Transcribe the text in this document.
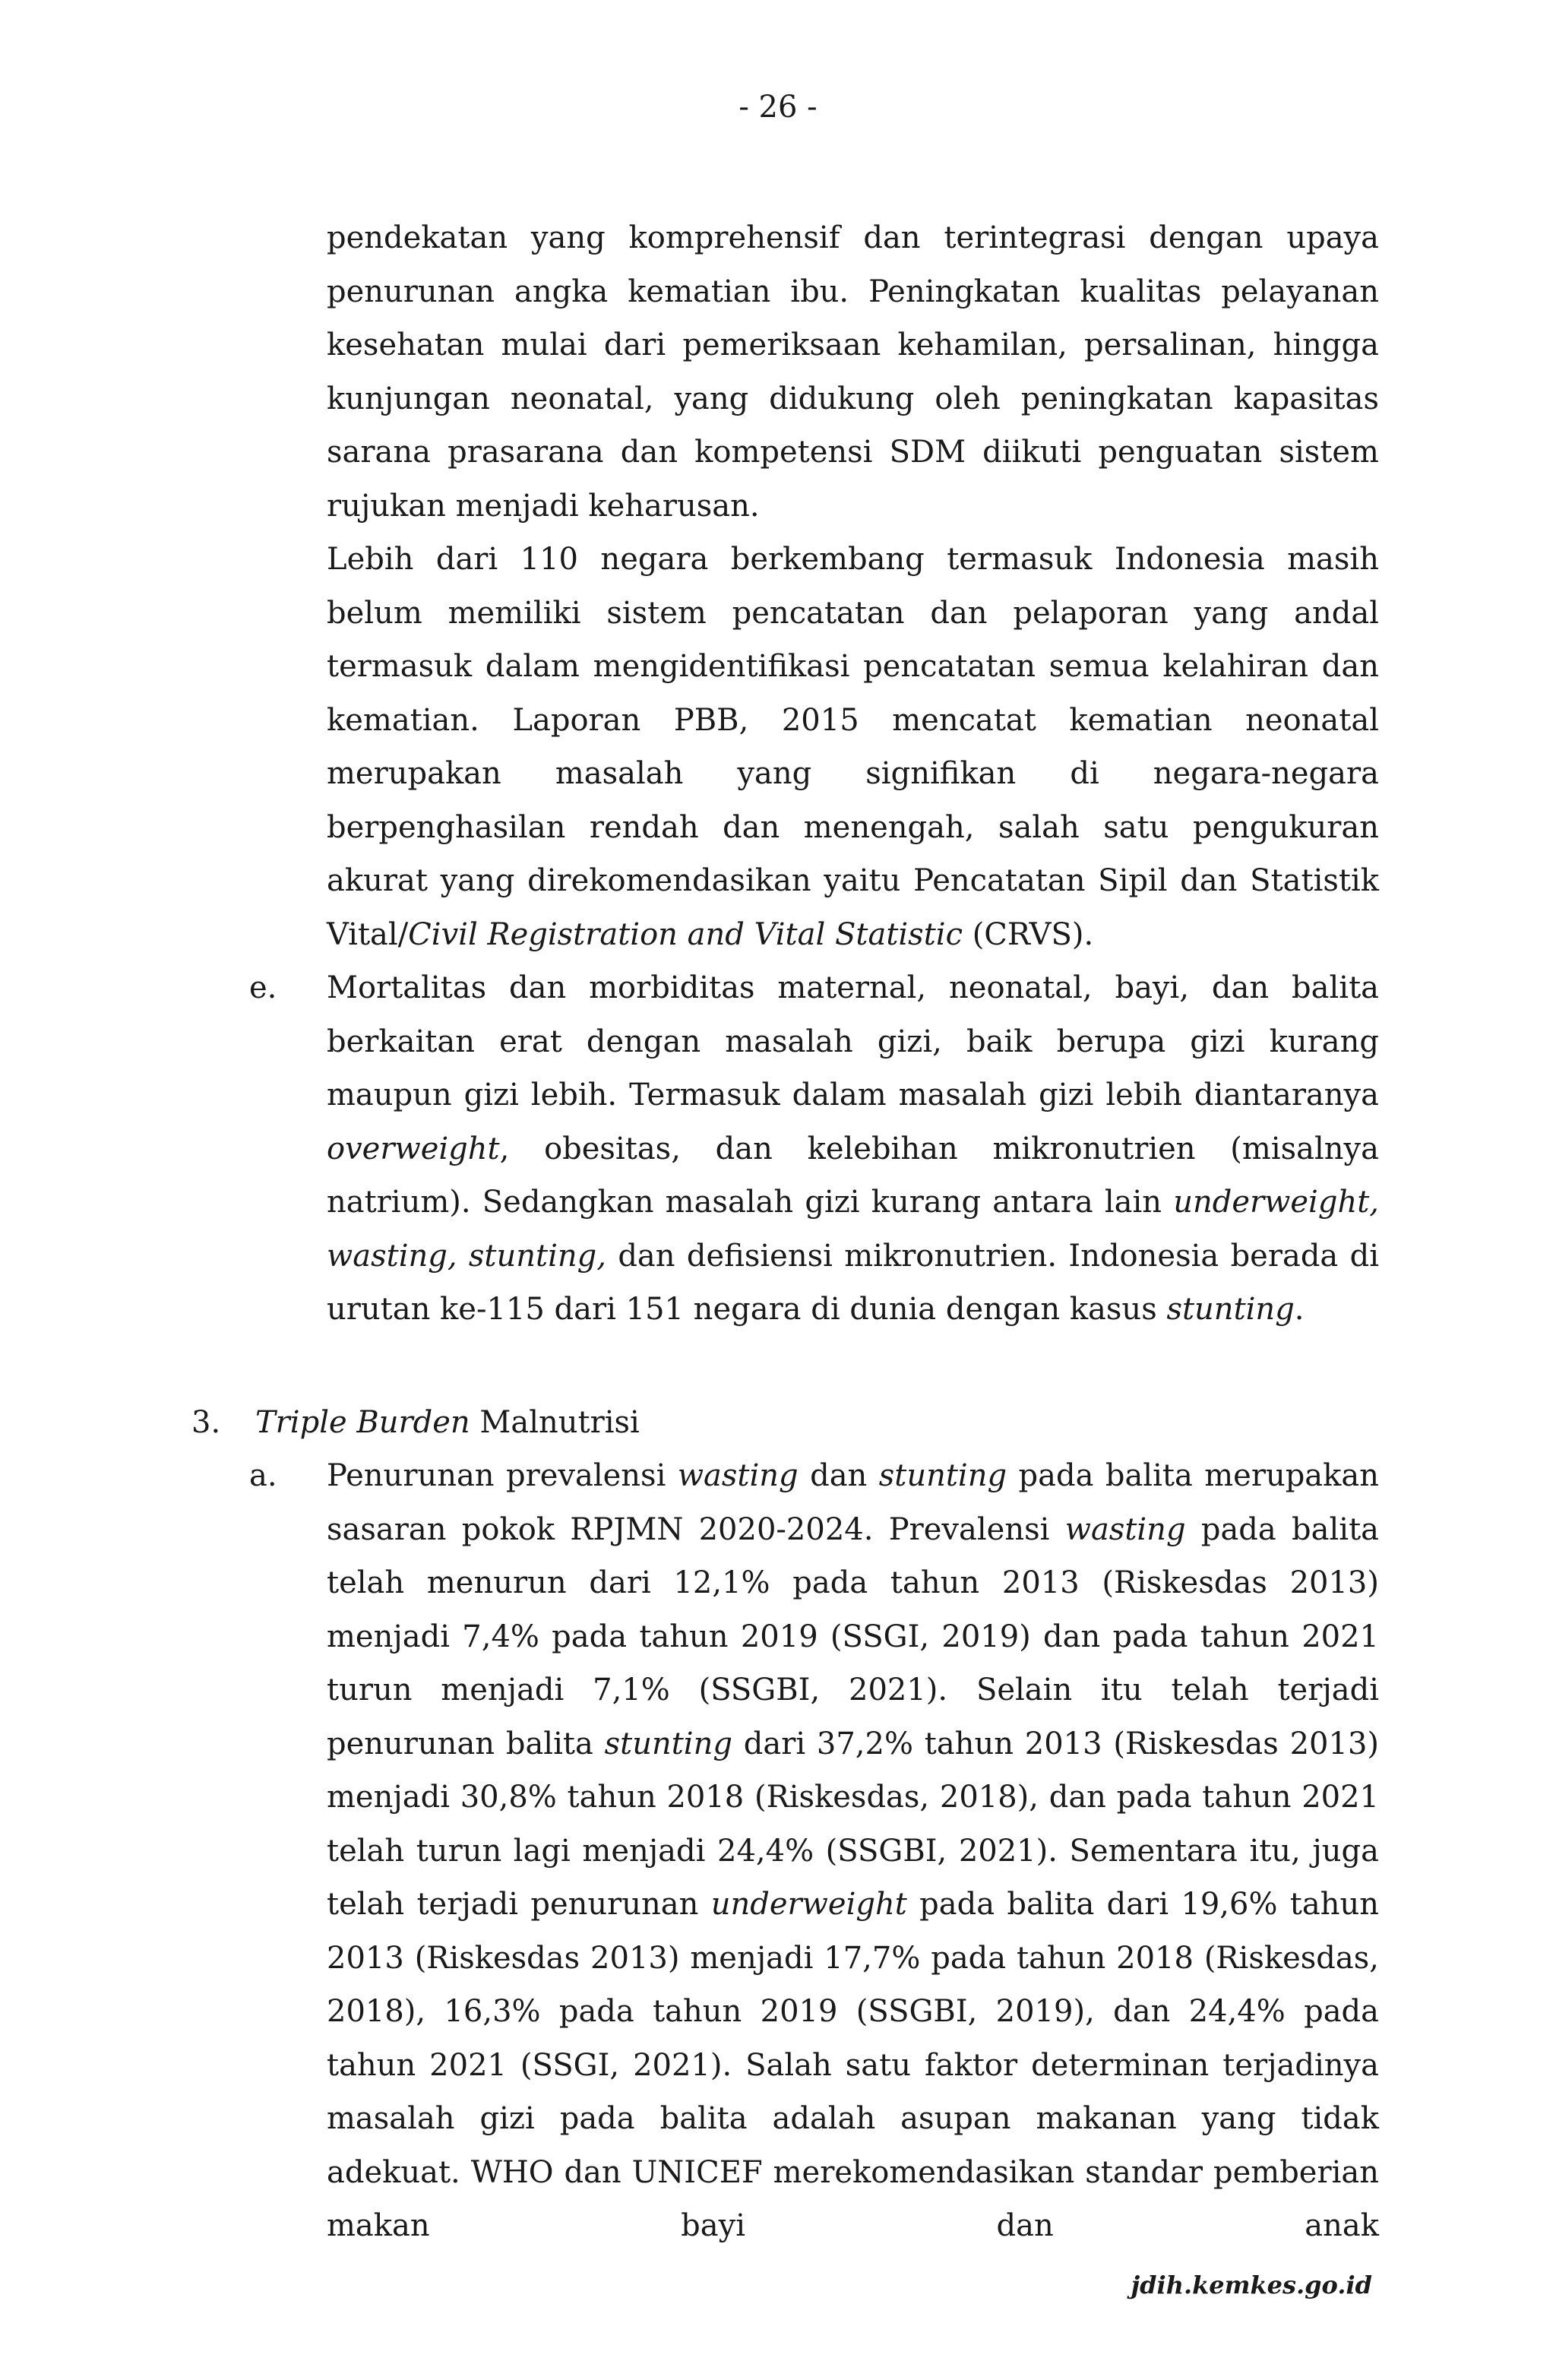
- 26 -

pendekatan yang komprehensif dan terintegrasi dengan upaya penurunan angka kematian ibu. Peningkatan kualitas pelayanan kesehatan mulai dari pemeriksaan kehamilan, persalinan, hingga kunjungan neonatal, yang didukung oleh peningkatan kapasitas sarana prasarana dan kompetensi SDM diikuti penguatan sistem rujukan menjadi keharusan.

Lebih dari 110 negara berkembang termasuk Indonesia masih belum memiliki sistem pencatatan dan pelaporan yang andal termasuk dalam mengidentifikasi pencatatan semua kelahiran dan kematian. Laporan PBB, 2015 mencatat kematian neonatal merupakan masalah yang signifikan di negara-negara berpenghasilan rendah dan menengah, salah satu pengukuran akurat yang direkomendasikan yaitu Pencatatan Sipil dan Statistik Vital/Civil Registration and Vital Statistic (CRVS).

e. Mortalitas dan morbiditas maternal, neonatal, bayi, dan balita berkaitan erat dengan masalah gizi, baik berupa gizi kurang maupun gizi lebih. Termasuk dalam masalah gizi lebih diantaranya overweight, obesitas, dan kelebihan mikronutrien (misalnya natrium). Sedangkan masalah gizi kurang antara lain underweight, wasting, stunting, dan defisiensi mikronutrien. Indonesia berada di urutan ke-115 dari 151 negara di dunia dengan kasus stunting.

3. Triple Burden Malnutrisi

a. Penurunan prevalensi wasting dan stunting pada balita merupakan sasaran pokok RPJMN 2020-2024. Prevalensi wasting pada balita telah menurun dari 12,1% pada tahun 2013 (Riskesdas 2013) menjadi 7,4% pada tahun 2019 (SSGI, 2019) dan pada tahun 2021 turun menjadi 7,1% (SSGBI, 2021). Selain itu telah terjadi penurunan balita stunting dari 37,2% tahun 2013 (Riskesdas 2013) menjadi 30,8% tahun 2018 (Riskesdas, 2018), dan pada tahun 2021 telah turun lagi menjadi 24,4% (SSGBI, 2021). Sementara itu, juga telah terjadi penurunan underweight pada balita dari 19,6% tahun 2013 (Riskesdas 2013) menjadi 17,7% pada tahun 2018 (Riskesdas, 2018), 16,3% pada tahun 2019 (SSGBI, 2019), dan 24,4% pada tahun 2021 (SSGI, 2021). Salah satu faktor determinan terjadinya masalah gizi pada balita adalah asupan makanan yang tidak adekuat. WHO dan UNICEF merekomendasikan standar pemberian makan bayi dan anak

jdih.kemkes.go.id
